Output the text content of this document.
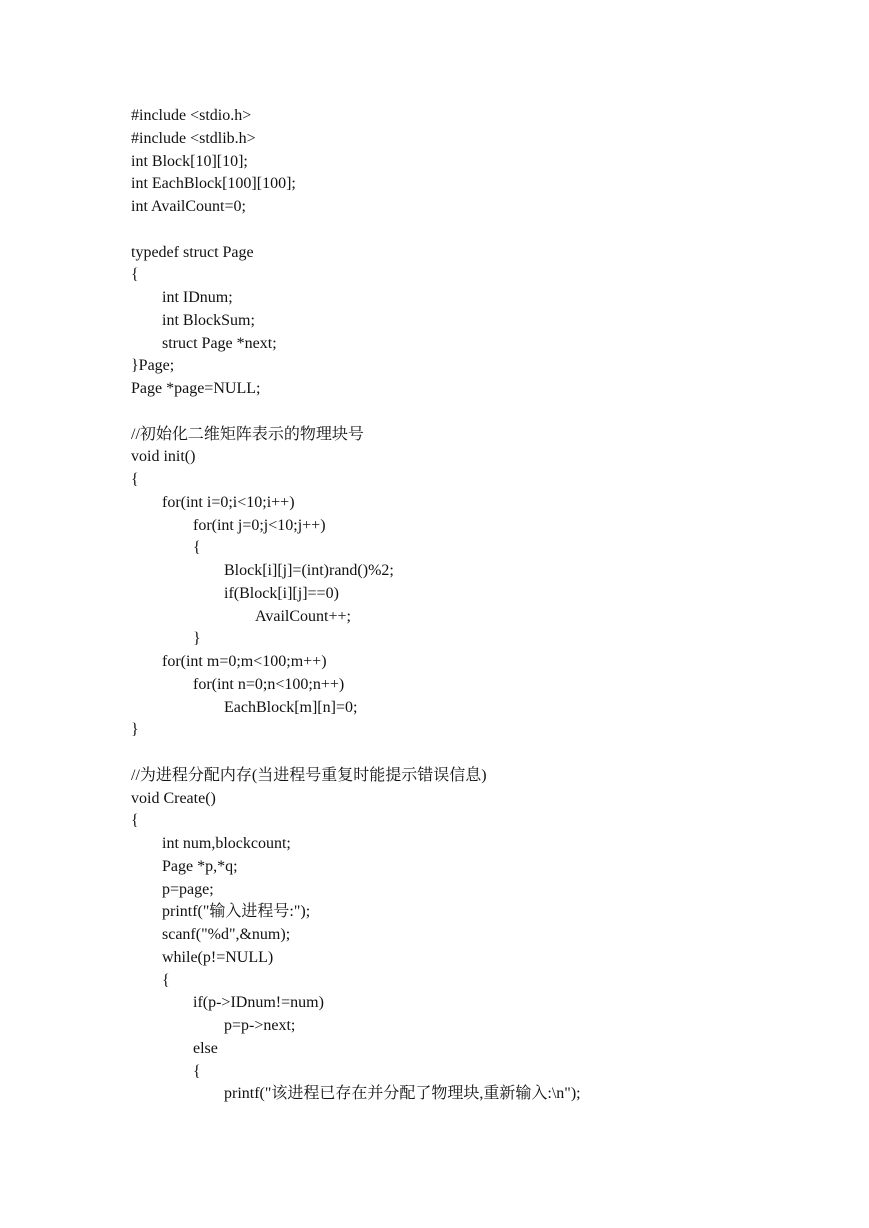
#include <stdio.h>
#include <stdlib.h>
int Block[10][10];
int EachBlock[100][100];
int AvailCount=0;
typedef struct Page
{
int IDnum;
int BlockSum;
struct Page *next;
}Page;
Page *page=NULL;
//初始化二维矩阵表示的物理块号
void init()
{
for(int i=0;i<10;i++)
for(int j=0;j<10;j++)
{
Block[i][j]=(int)rand()%2;
if(Block[i][j]==0)
AvailCount++;
}
for(int m=0;m<100;m++)
for(int n=0;n<100;n++)
EachBlock[m][n]=0;
}
//为进程分配内存(当进程号重复时能提示错误信息)
void Create()
{
int num,blockcount;
Page *p,*q;
p=page;
printf("输入进程号:");
scanf("%d",&num);
while(p!=NULL)
{
if(p->IDnum!=num)
p=p->next;
else
{
printf("该进程已存在并分配了物理块,重新输入:\n");
